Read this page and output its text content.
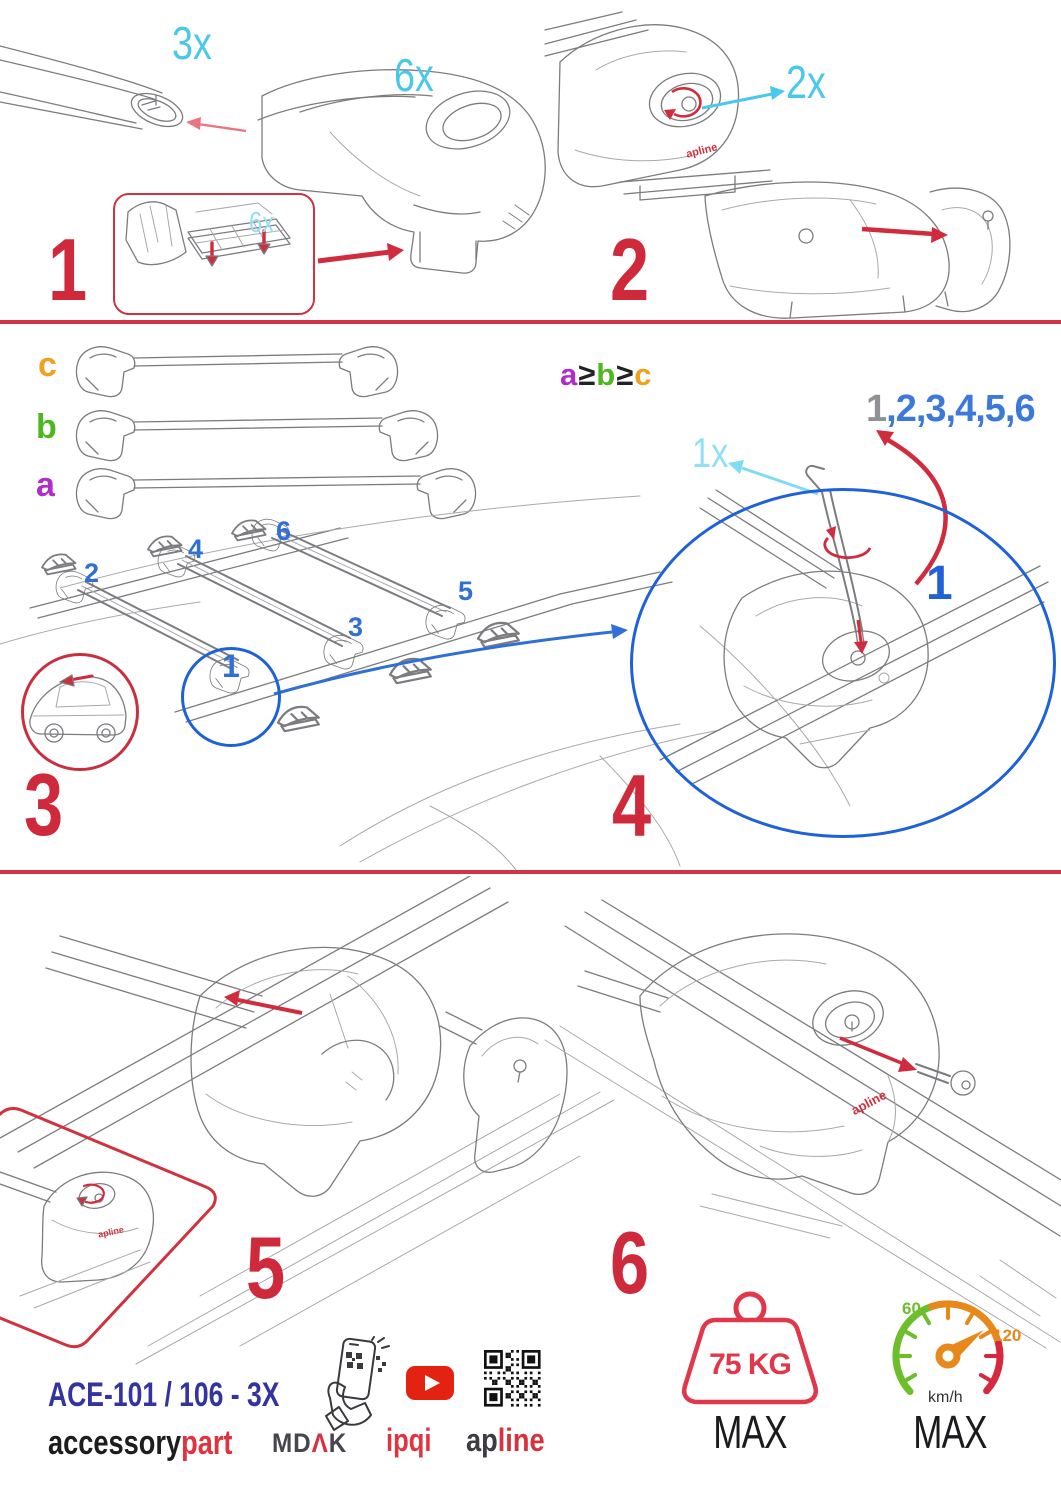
3x
6x
6x
2x
1	2
apline
c
b
a
2
4
6
3
5
1
a≥b≥c
1,2,3,4,5,6
1x
1
3	4
apline
apline
5	6
ACE-101 / 106 - 3X
accessorypart MDΛK ipqi apline
75 KG
MAX
60
120
km/h
MAX
